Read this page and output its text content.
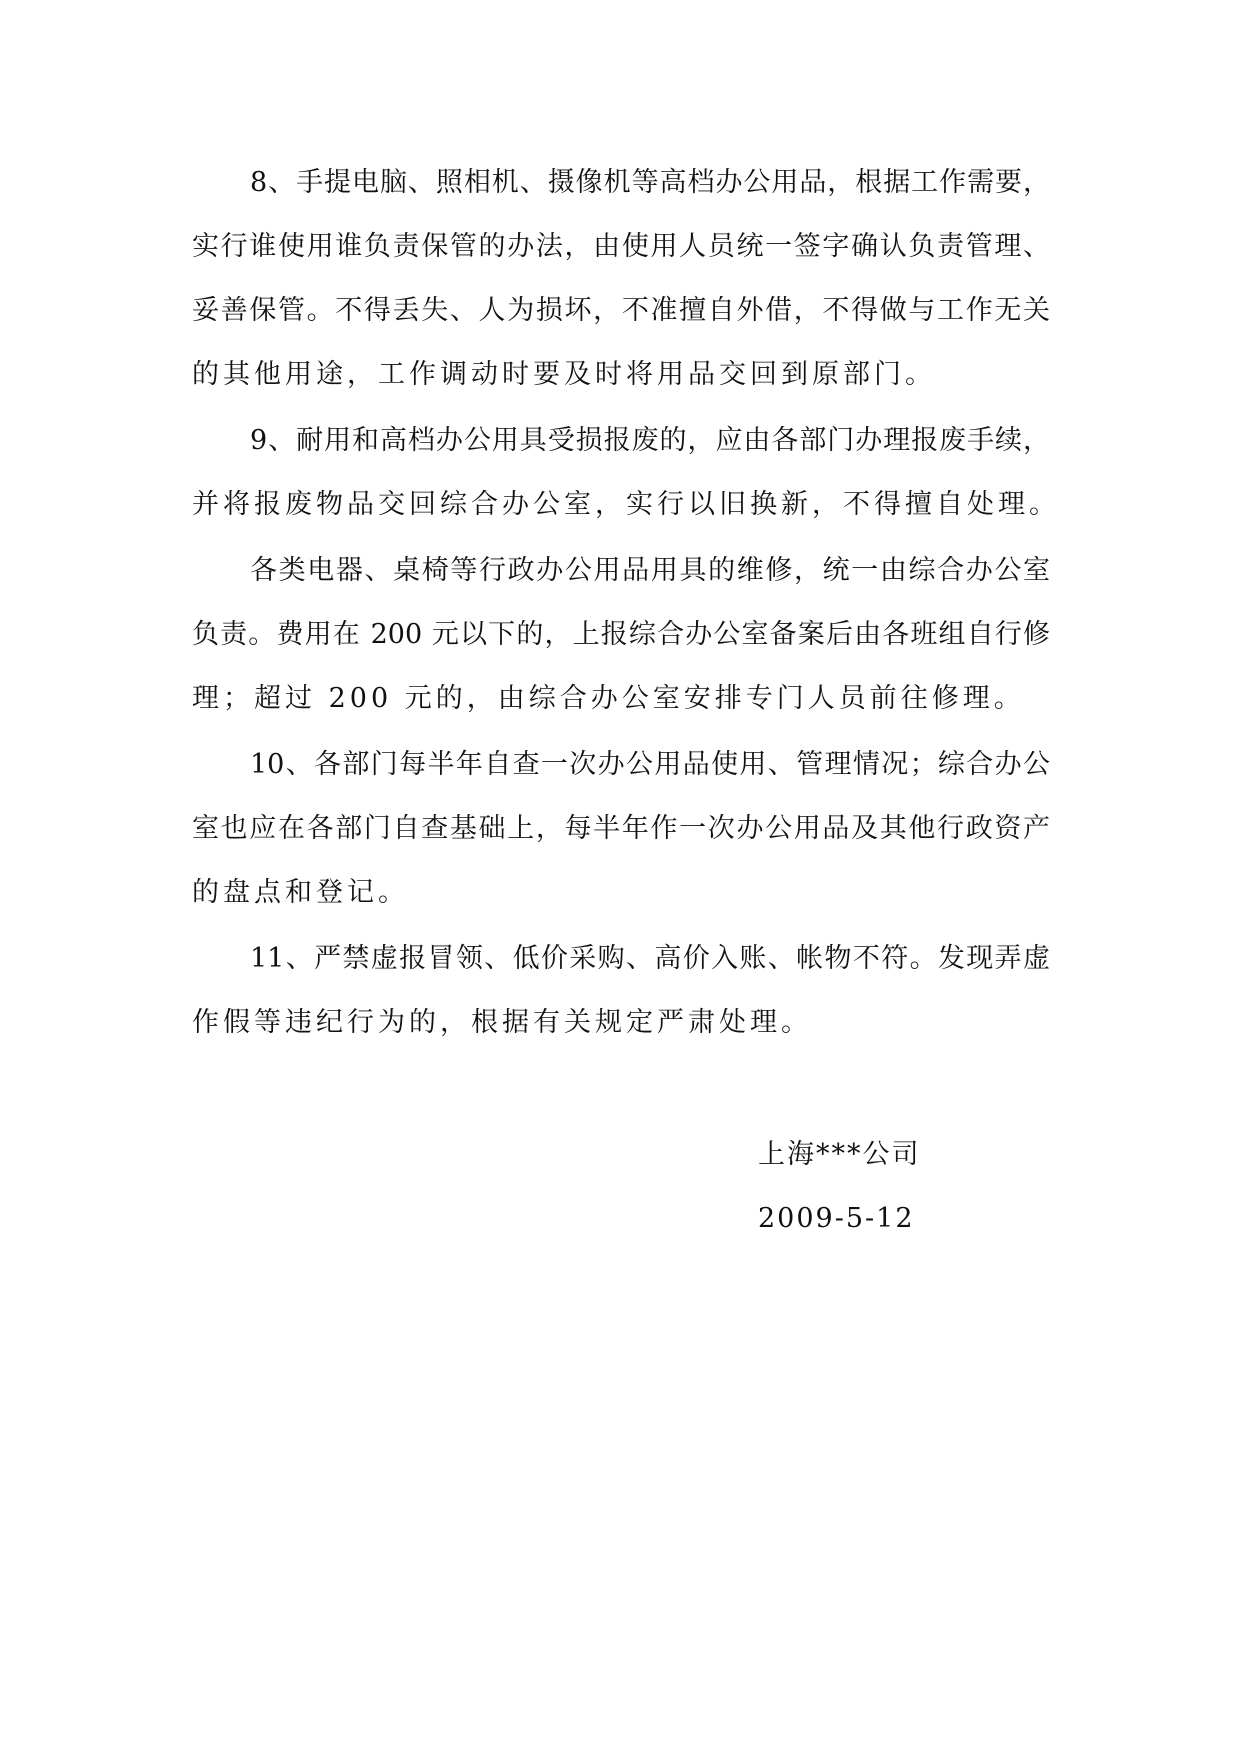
8、手提电脑、照相机、摄像机等高档办公用品，根据工作需要，
实行谁使用谁负责保管的办法，由使用人员统一签字确认负责管理、
妥善保管。不得丢失、人为损坏，不准擅自外借，不得做与工作无关
的其他用途，工作调动时要及时将用品交回到原部门。
9、耐用和高档办公用具受损报废的，应由各部门办理报废手续，
并将报废物品交回综合办公室，实行以旧换新，不得擅自处理。
各类电器、桌椅等行政办公用品用具的维修，统一由综合办公室
负责。费用在 200 元以下的，上报综合办公室备案后由各班组自行修
理；超过 200 元的，由综合办公室安排专门人员前往修理。
10、各部门每半年自查一次办公用品使用、管理情况；综合办公
室也应在各部门自查基础上，每半年作一次办公用品及其他行政资产
的盘点和登记。
11、严禁虚报冒领、低价采购、高价入账、帐物不符。发现弄虚
作假等违纪行为的，根据有关规定严肃处理。
上海***公司
2009-5-12
